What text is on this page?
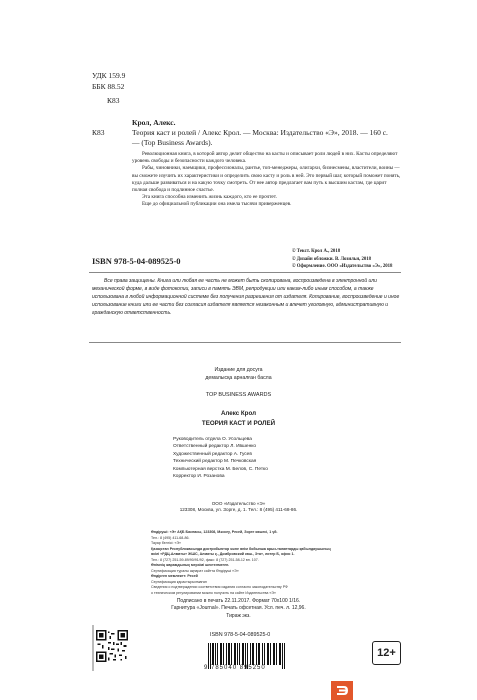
УДК 159.9
ББК 88.52
К83
Крол, Алекс.
К83	Теория каст и ролей / Алекс Крол. — Москва: Издательство «Э», 2018. — 160 с. — (Top Business Awards).

Революционная книга, в которой автор делит общество на касты и описывает роли людей в них. Касты определяют уровень свободы и безопасности каждого человека.

Рабы, чиновники, наемщики, профессионалы, рантье, топ-менеджеры, олигархи, бизнесмены, властители, воины — вы сможете изучить их характеристики и определить свою касту и роль в ней. Это первый шаг, который поможет понять, куда дальше развиваться и на какую точку смотреть. От нее автор предлагает вам путь к высшим кастам, где царит полная свобода и подлинное счастье.

Эта книга способна изменить жизнь каждого, кто ее прочтет.

Еще до официальной публикации она имела тысячи приверженцев.

© Текст. Крол А., 2018
© Дизайн обложки. В. Лозильн, 2018
© Оформление. ООО «Издательство «Э», 2018
ISBN 978-5-04-089525-0

Все права защищены. Книга или любая ее часть не может быть скопирована, воспроизведена в электронной или механической форме, в виде фотокопии, записи в память ЭВМ, репродукции или каким-либо иным способом, а также использована в любой информационной системе без получения разрешения от издателя. Копирование, воспроизведение и иное использование книги или ее части без согласия издателя является незаконным и влечет уголовную, административную и гражданскую ответственность.

Издание для досуга
демалысқа арналған басла
TOP BUSINESS AWARDS
Алекс Крол
ТЕОРИЯ КАСТ И РОЛЕЙ
Руководитель отдела О. Усольцева
Ответственный редактор Л. Ившенко
Художественный редактор А. Гусев
Технический редактор М. Печковская
Компьютерная верстка М. Белов, С. Петко
Корректор И. Розанова
ООО «Издательство «Э»
123308, Москва, ул. Зорге, д. 1. Тел.: 8 (495) 411-68-86.
Өндіруші: «Э» АҚБ Баспасы, 123308, Мәскеу, Ресей, Зорге көшесі, 1 үй.
Тел.: 8 (495) 411-68-86.
Тауар белгісі: «Э»
Қазақстан Республикасында дистрибьютор және өнім бойынша арыз-талаптарды қабылдаушының
өкілі «РДЦ-Алматы» ЖШС, Алматы қ., Домбровский көш., 3«а», литер Б, офис 1.
Тел.: 8 (727) 251-59-89/90/91/92, факс: 8 (727) 251-58-12 вн. 107.
Өнімнің жарамдылық мерзімі шектелмеген.
Сертификация туралы ақпарат сайтта Өндіруші «Э»
Өндірген мемлекет: Ресей
Сертификация қарастырылмаған
Сведения о подтверждении соответствия издания согласно законодательству РФ
о техническом регулировании можно получить на сайте Издательства «Э»
Подписано в печать 22.11.2017. Формат 70x100 1/16.
Гарнитура «Journal». Печать офсетная. Усл. печ. л. 12,96.
Тираж экз.
ISBN 978-5-04-089525-0
9 785040 895250
12+
